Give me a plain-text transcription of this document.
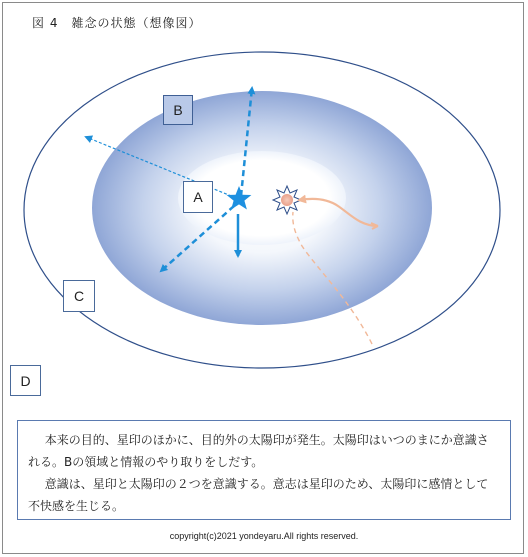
図 4　雑念の状態（想像図）
A
B
C
D

本来の目的、星印のほかに、目的外の太陽印が発生。太陽印はいつのまにか意識される。Bの領域と情報のやり取りをしだす。

意識は、星印と太陽印の２つを意識する。意志は星印のため、太陽印に感情として不快感を生じる。

copyright(c)2021 yondeyaru.All rights reserved.
